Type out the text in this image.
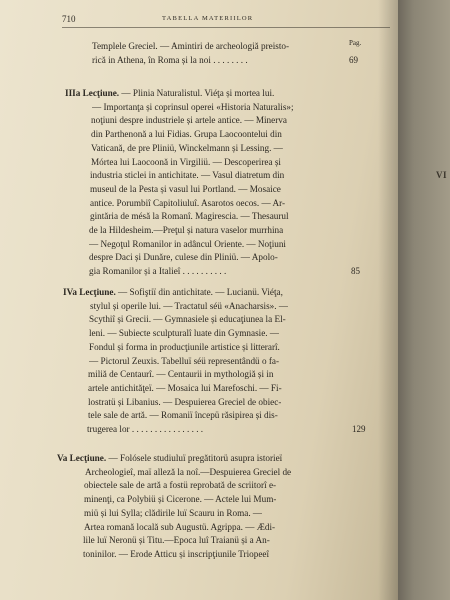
VI
710	TABELLA MATERIILOR
Templele Greciel. — Amintiri de archeologiă preisto-	Pag.
rică in Athena, în Roma și la noi . . . . . . . .	69
IIIa Lecţiune. — Plinia Naturalistul. Viéţa și mortea lui.
— Importanţa și coprinsul operei «Historia Naturalis»;
noţiuni despre industriele și artele antice. — Minerva
din Parthenonă a lui Fidias. Grupa Laocoontelui din
Vaticană, de pre Pliniü, Winckelmann și Lessing. —
Mórtea lui Laocoonă in Virgiliü. — Descoperirea și
industria sticlei in antichitate. — Vasul diatretum din
museul de la Pesta și vasul lui Portland. — Mosaice
antice. Porumbiî Capitoliuluî. Asarotos oecos. — Ar-
gintăria de mésă la Romanî. Magirescia. — Thesaurul
de la Hildesheim.—Preţul și natura vaselor murrhina
— Negoţul Romanilor in adâncul Oriente. — Noţiuni
despre Daci și Dunăre, culese din Pliniü. — Apolo-
gia Romanilor și a Italieî . . . . . . . . . .	85
IVa Lecţiune. — Sofiştiï din antichitate. — Lucianü. Viéţa,
stylul și operile lui. — Tractatul séü «Anacharsis». —
Scythiî și Grecii. — Gymnasiele și educaţiunea la El-
leni. — Subiecte sculpturalî luate din Gymnasie. —
Fondul și forma in producţiunile artistice și litterarî.
— Pictorul Zeuxis. Tabelluï séü representândü o fa-
miliă de Centaurî. — Centaurii in mythologiă și in
artele antichităţeï. — Mosaica lui Marefoschi. — Fi-
lostratü și Libanius. — Despuierea Greciel de obiec-
tele sale de artă. — Romaniï începü răsipirea și dis-
trugerea lor . . . . . . . . . . . . . . . .	129
Va Lecţiune. — Folósele studiuluï pregătitorü asupra istorieï
Archeologieî, maï alleză la noî.—Despuierea Greciel de
obiectele sale de artă a fostü reprobată de scriitorî e-
minenţi, ca Polybiü și Cicerone. — Actele lui Mum-
miü și lui Sylla; clădirile luï Scauru in Roma. —
Artea romană locală sub Augustü. Agrippa. — Ædi-
lile luï Neronü și Titu.—Epoca luî Traianü și a An-
toninilor. — Erode Atticu și inscripţiunile Triopeeî
